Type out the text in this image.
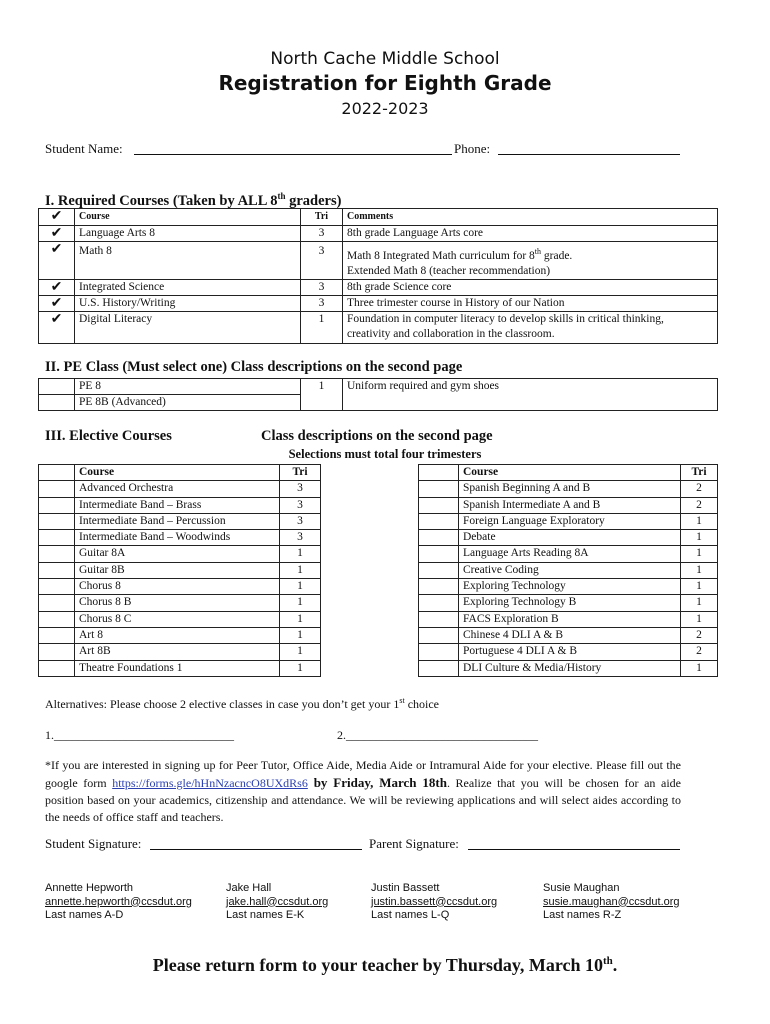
North Cache Middle School
Registration for Eighth Grade
2022-2023
Student Name:	Phone:
I. Required Courses (Taken by ALL 8th graders)
✔	Course	Tri	Comments
✔	Language Arts 8	3	8th grade Language Arts core
✔	Math 8	3	Math 8 Integrated Math curriculum for 8th grade.
Extended Math 8 (teacher recommendation)
✔	Integrated Science	3	8th grade Science core
✔	U.S. History/Writing	3	Three trimester course in History of our Nation
✔	Digital Literacy	1	Foundation in computer literacy to develop skills in critical thinking,
creativity and collaboration in the classroom.
II. PE Class (Must select one) Class descriptions on the second page
	PE 8	1	Uniform required and gym shoes
	PE 8B (Advanced)		
III. Elective Courses	Class descriptions on the second page
Selections must total four trimesters
	Course	Tri
	Advanced Orchestra	3
	Intermediate Band – Brass	3
	Intermediate Band – Percussion	3
	Intermediate Band – Woodwinds	3
	Guitar 8A	1
	Guitar 8B	1
	Chorus 8	1
	Chorus 8 B	1
	Chorus 8 C	1
	Art 8	1
	Art 8B	1
	Theatre Foundations 1	1
	Course	Tri
	Spanish Beginning A and B	2
	Spanish Intermediate A and B	2
	Foreign Language Exploratory	1
	Debate	1
	Language Arts Reading 8A	1
	Creative Coding	1
	Exploring Technology	1
	Exploring Technology B	1
	FACS Exploration B	1
	Chinese 4 DLI A & B	2
	Portuguese 4 DLI A & B	2
	DLI Culture & Media/History	1
Alternatives: Please choose 2 elective classes in case you don’t get your 1st choice
1.______________________________	2.________________________________
*If you are interested in signing up for Peer Tutor, Office Aide, Media Aide or Intramural Aide for your elective. Please fill out the google form https://forms.gle/hHnNzacncO8UXdRs6 by Friday, March 18th. Realize that you will be chosen for an aide position based on your academics, citizenship and attendance. We will be reviewing applications and will select aides according to the needs of office staff and teachers.
Student Signature:	Parent Signature:
Annette Hepworth
annette.hepworth@ccsdut.org
Last names A-D
Jake Hall
jake.hall@ccsdut.org
Last names E-K
Justin Bassett
justin.bassett@ccsdut.org
Last names L-Q
Susie Maughan
susie.maughan@ccsdut.org
Last names R-Z
Please return form to your teacher by Thursday, March 10th.
